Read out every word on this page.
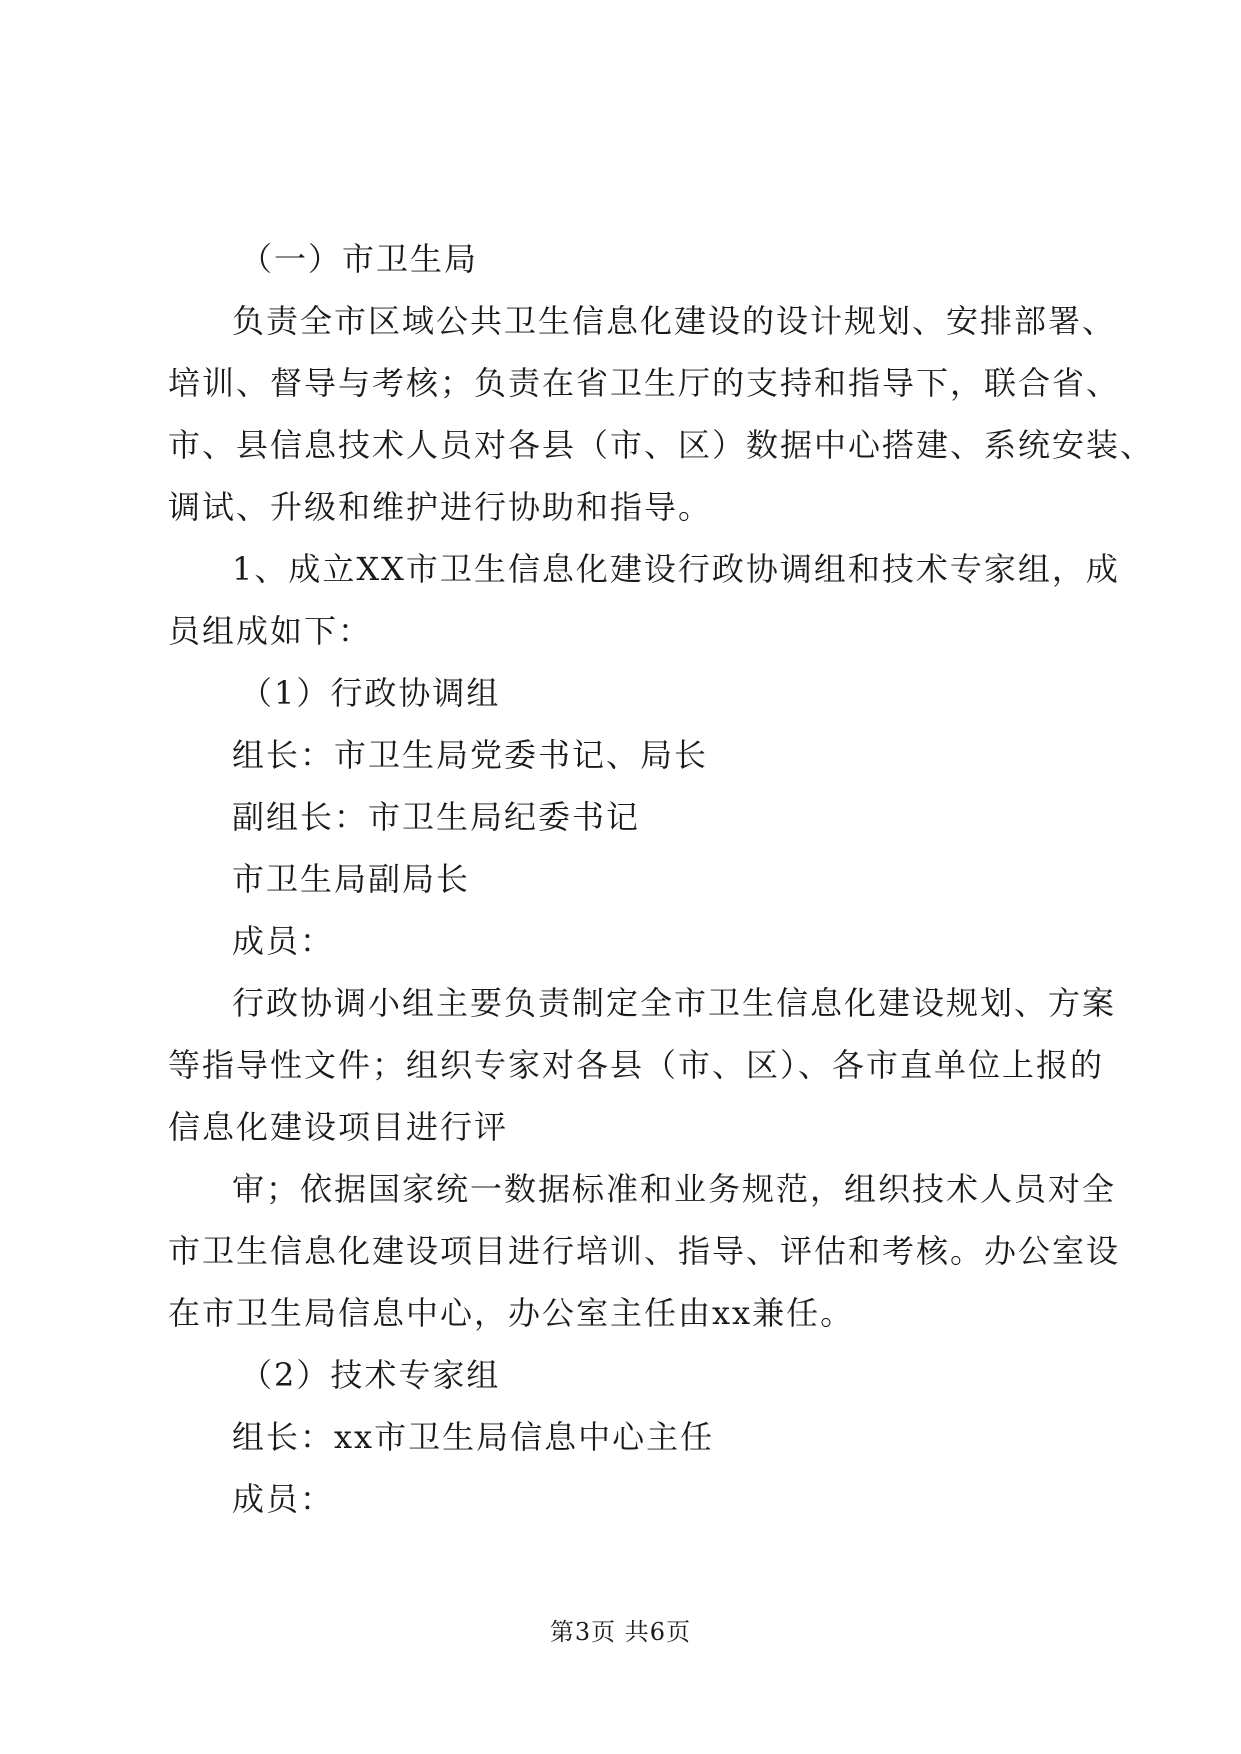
（一）市卫生局

负责全市区域公共卫生信息化建设的设计规划、安排部署、

培训、督导与考核；负责在省卫生厅的支持和指导下，联合省、

市、县信息技术人员对各县（市、区）数据中心搭建、系统安装、

调试、升级和维护进行协助和指导。

1、成立XX市卫生信息化建设行政协调组和技术专家组，成

员组成如下：

（1）行政协调组

组长：市卫生局党委书记、局长

副组长：市卫生局纪委书记

市卫生局副局长

成员：

行政协调小组主要负责制定全市卫生信息化建设规划、方案

等指导性文件；组织专家对各县（市、区）、各市直单位上报的

信息化建设项目进行评

审；依据国家统一数据标准和业务规范，组织技术人员对全

市卫生信息化建设项目进行培训、指导、评估和考核。办公室设

在市卫生局信息中心，办公室主任由xx兼任。

（2）技术专家组

组长：xx市卫生局信息中心主任

成员：

第3页 共6页
